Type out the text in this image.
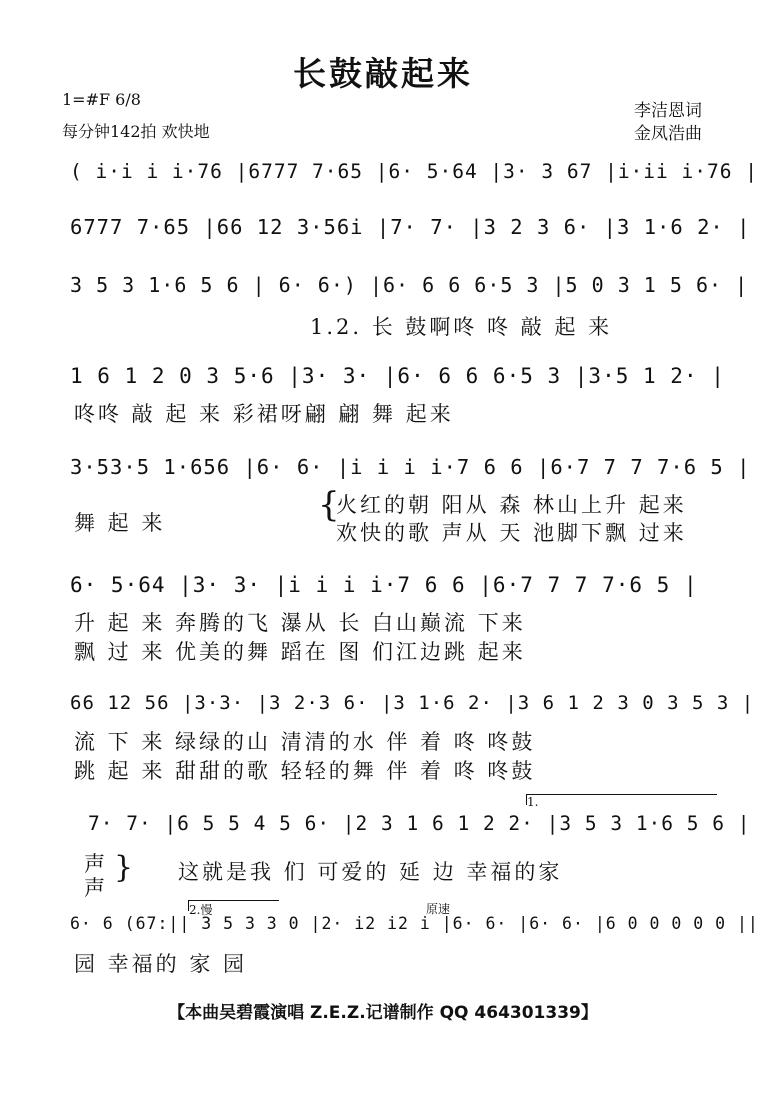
长鼓敲起来
1=#F 6/8
每分钟142拍 欢快地
李洁恩词
金凤浩曲
( i·i i i·76 |6777 7·65 |6· 5·64 |3· 3 67 |i·ii i·76 |
6777 7·65 |66 12 3·56i |7· 7· |3 2 3 6· |3 1·6 2· |
3 5 3 1·6 5 6 | 6· 6·) |6· 6 6 6·5 3 |5 0 3 1 5 6· |
1.2. 长 鼓啊咚 咚 敲 起 来
1 6 1 2 0 3 5·6 |3· 3· |6· 6 6 6·5 3 |3·5 1 2· |
咚咚 敲 起 来 彩裙呀翩 翩 舞 起来
3·53·5 1·656 |6· 6· |i i i i·7 6 6 |6·7 7 7 7·6 5 |
舞 起 来	{
火红的朝 阳从 森 林山上升 起来
欢快的歌 声从 天 池脚下飘 过来
6· 5·64 |3· 3· |i i i i·7 6 6 |6·7 7 7 7·6 5 |
升 起 来 奔腾的飞 瀑从 长 白山巅流 下来
飘 过 来 优美的舞 蹈在 图 们江边跳 起来
66 12 56 |3·3· |3 2·3 6· |3 1·6 2· |3 6 1 2 3 0 3 5 3 |
流 下 来 绿绿的山 清清的水 伴 着 咚 咚鼓
跳 起 来 甜甜的歌 轻轻的舞 伴 着 咚 咚鼓
7· 7· |6 5 5 4 5 6· |2 3 1 6 1 2 2· |3 5 3 1·6 5 6 |
1.
声
声
} 这就是我 们 可爱的 延 边 幸福的家
6· 6 (67:|| 3 5 3 3 0 |2· i2 i2 i |6· 6· |6· 6· |6 0 0 0 0 0 ||
2.慢	原速
园 幸福的 家 园
【本曲吴碧霞演唱 Z.E.Z.记谱制作 QQ 464301339】
